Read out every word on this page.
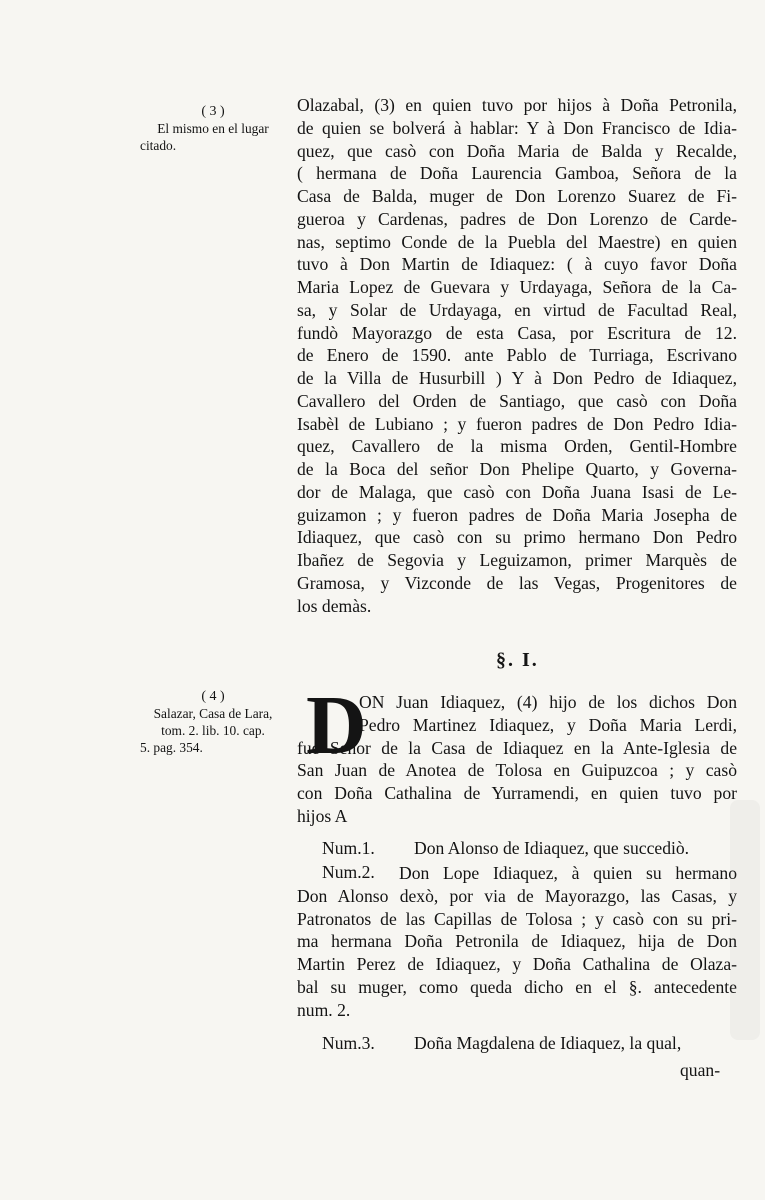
( 3 )
El mismo en el lugar
citado.
Olazabal, (3) en quien tuvo por hijos à Doña Petronila,
de quien se bolverá à hablar: Y à Don Francisco de Idia-
quez, que casò con Doña Maria de Balda y Recalde,
( hermana de Doña Laurencia Gamboa, Señora de la
Casa de Balda, muger de Don Lorenzo Suarez de Fi-
gueroa y Cardenas, padres de Don Lorenzo de Carde-
nas, septimo Conde de la Puebla del Maestre) en quien
tuvo à Don Martin de Idiaquez: ( à cuyo favor Doña
Maria Lopez de Guevara y Urdayaga, Señora de la Ca-
sa, y Solar de Urdayaga, en virtud de Facultad Real,
fundò Mayorazgo de esta Casa, por Escritura de 12.
de Enero de 1590. ante Pablo de Turriaga, Escrivano
de la Villa de Husurbill ) Y à Don Pedro de Idiaquez,
Cavallero del Orden de Santiago, que casò con Doña
Isabèl de Lubiano ; y fueron padres de Don Pedro Idia-
quez, Cavallero de la misma Orden, Gentil-Hombre
de la Boca del señor Don Phelipe Quarto, y Governa-
dor de Malaga, que casò con Doña Juana Isasi de Le-
guizamon ; y fueron padres de Doña Maria Josepha de
Idiaquez, que casò con su primo hermano Don Pedro
Ibañez de Segovia y Leguizamon, primer Marquès de
Gramosa, y Vizconde de las Vegas, Progenitores de
los demàs.
§. I.
( 4 )
Salazar, Casa de Lara,
tom. 2. lib. 10. cap.
5. pag. 354.	D
ON Juan Idiaquez, (4) hijo de los dichos Don
Pedro Martinez Idiaquez, y Doña Maria Lerdi,
fue Señor de la Casa de Idiaquez en la Ante-Iglesia de
San Juan de Anotea de Tolosa en Guipuzcoa ; y casò
con Doña Cathalina de Yurramendi, en quien tuvo por
hijos A
Num.1. Don Alonso de Idiaquez, que succediò.
Num.2.	Don Lope Idiaquez, à quien su hermano
Don Alonso dexò, por via de Mayorazgo, las Casas, y
Patronatos de las Capillas de Tolosa ; y casò con su pri-
ma hermana Doña Petronila de Idiaquez, hija de Don
Martin Perez de Idiaquez, y Doña Cathalina de Olaza-
bal su muger, como queda dicho en el §. antecedente
num. 2.
Num.3. Doña Magdalena de Idiaquez, la qual,
quan-
